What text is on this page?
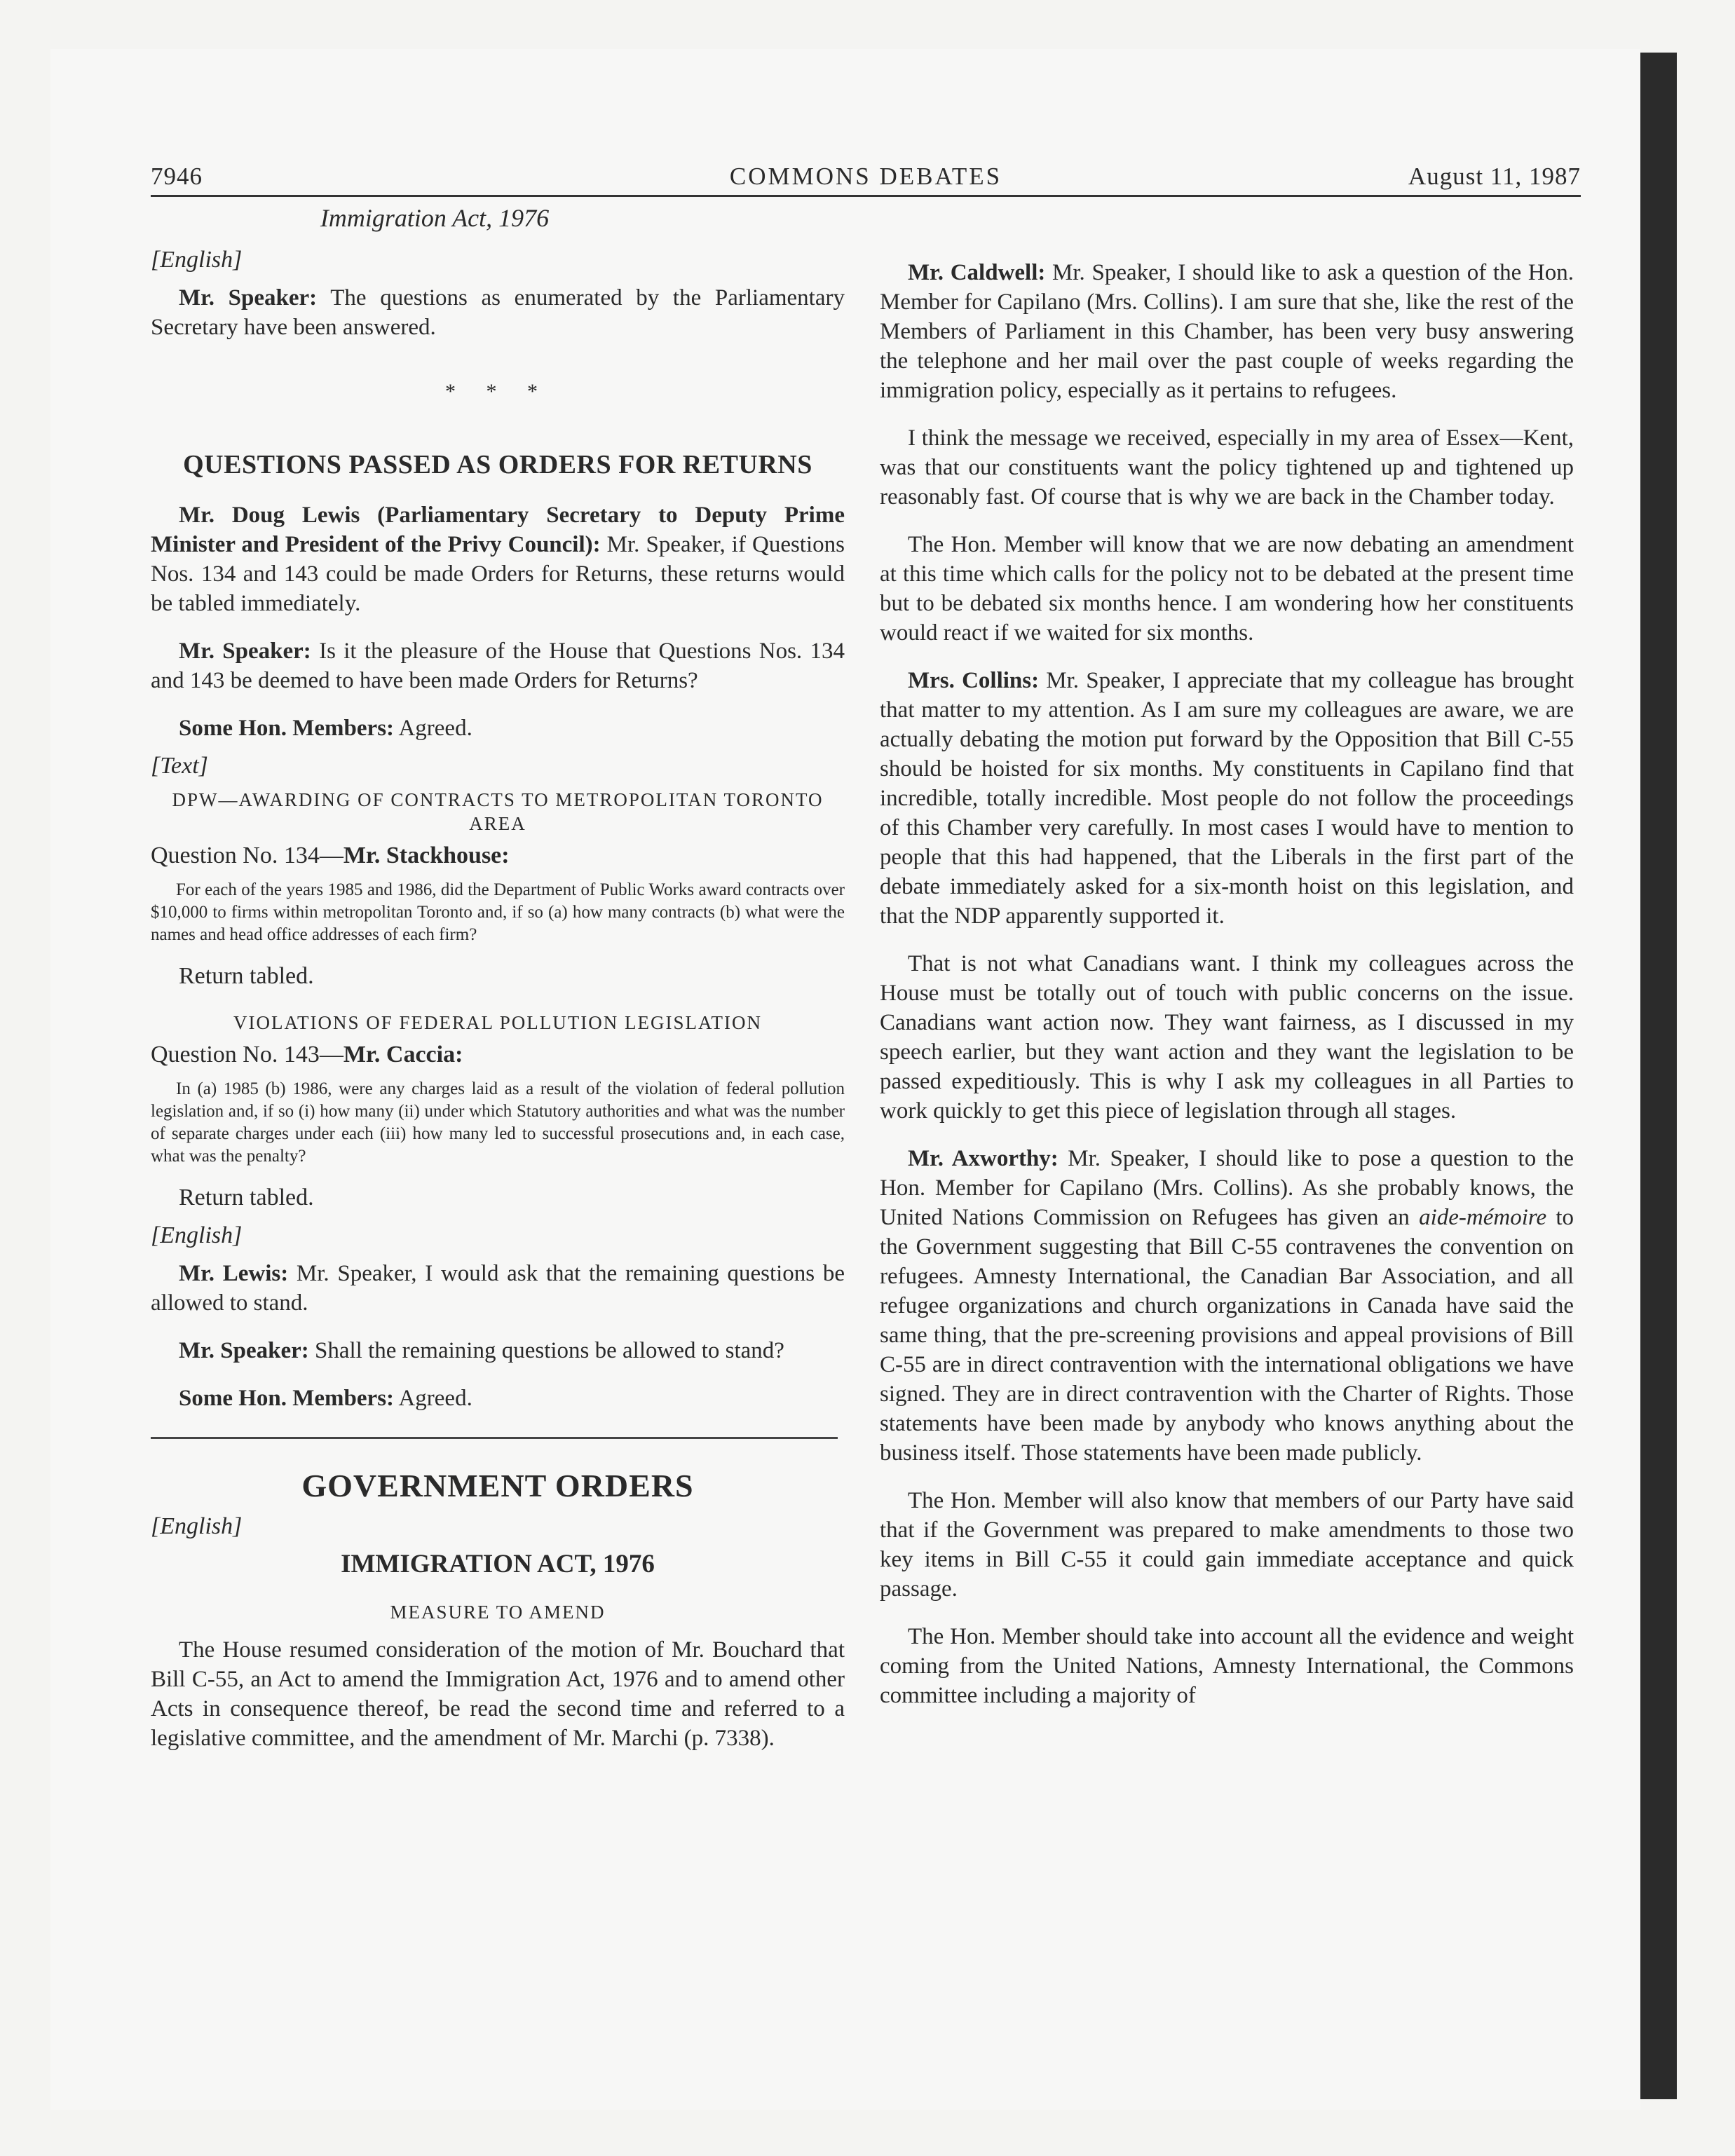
7946	COMMONS DEBATES	August 11, 1987

Immigration Act, 1976

[English]

Mr. Speaker: The questions as enumerated by the Parliamentary Secretary have been answered.

* * *

QUESTIONS PASSED AS ORDERS FOR RETURNS

Mr. Doug Lewis (Parliamentary Secretary to Deputy Prime Minister and President of the Privy Council): Mr. Speaker, if Questions Nos. 134 and 143 could be made Orders for Returns, these returns would be tabled immediately.

Mr. Speaker: Is it the pleasure of the House that Questions Nos. 134 and 143 be deemed to have been made Orders for Returns?

Some Hon. Members: Agreed.

[Text]

DPW—AWARDING OF CONTRACTS TO METROPOLITAN TORONTO AREA

Question No. 134—Mr. Stackhouse:

For each of the years 1985 and 1986, did the Department of Public Works award contracts over $10,000 to firms within metropolitan Toronto and, if so (a) how many contracts (b) what were the names and head office addresses of each firm?

Return tabled.

VIOLATIONS OF FEDERAL POLLUTION LEGISLATION

Question No. 143—Mr. Caccia:

In (a) 1985 (b) 1986, were any charges laid as a result of the violation of federal pollution legislation and, if so (i) how many (ii) under which Statutory authorities and what was the number of separate charges under each (iii) how many led to successful prosecutions and, in each case, what was the penalty?

Return tabled.

[English]

Mr. Lewis: Mr. Speaker, I would ask that the remaining questions be allowed to stand.

Mr. Speaker: Shall the remaining questions be allowed to stand?

Some Hon. Members: Agreed.

GOVERNMENT ORDERS

[English]

IMMIGRATION ACT, 1976

MEASURE TO AMEND

The House resumed consideration of the motion of Mr. Bouchard that Bill C-55, an Act to amend the Immigration Act, 1976 and to amend other Acts in consequence thereof, be read the second time and referred to a legislative committee, and the amendment of Mr. Marchi (p. 7338).

Mr. Caldwell: Mr. Speaker, I should like to ask a question of the Hon. Member for Capilano (Mrs. Collins). I am sure that she, like the rest of the Members of Parliament in this Chamber, has been very busy answering the telephone and her mail over the past couple of weeks regarding the immigration policy, especially as it pertains to refugees.

I think the message we received, especially in my area of Essex—Kent, was that our constituents want the policy tightened up and tightened up reasonably fast. Of course that is why we are back in the Chamber today.

The Hon. Member will know that we are now debating an amendment at this time which calls for the policy not to be debated at the present time but to be debated six months hence. I am wondering how her constituents would react if we waited for six months.

Mrs. Collins: Mr. Speaker, I appreciate that my colleague has brought that matter to my attention. As I am sure my colleagues are aware, we are actually debating the motion put forward by the Opposition that Bill C-55 should be hoisted for six months. My constituents in Capilano find that incredible, totally incredible. Most people do not follow the proceedings of this Chamber very carefully. In most cases I would have to mention to people that this had happened, that the Liberals in the first part of the debate immediately asked for a six-month hoist on this legislation, and that the NDP apparently supported it.

That is not what Canadians want. I think my colleagues across the House must be totally out of touch with public concerns on the issue. Canadians want action now. They want fairness, as I discussed in my speech earlier, but they want action and they want the legislation to be passed expeditiously. This is why I ask my colleagues in all Parties to work quickly to get this piece of legislation through all stages.

Mr. Axworthy: Mr. Speaker, I should like to pose a question to the Hon. Member for Capilano (Mrs. Collins). As she probably knows, the United Nations Commission on Refugees has given an aide-mémoire to the Government suggesting that Bill C-55 contravenes the convention on refugees. Amnesty International, the Canadian Bar Association, and all refugee organizations and church organizations in Canada have said the same thing, that the pre-screening provisions and appeal provisions of Bill C-55 are in direct contravention with the international obligations we have signed. They are in direct contravention with the Charter of Rights. Those statements have been made by anybody who knows anything about the business itself. Those statements have been made publicly.

The Hon. Member will also know that members of our Party have said that if the Government was prepared to make amendments to those two key items in Bill C-55 it could gain immediate acceptance and quick passage.

The Hon. Member should take into account all the evidence and weight coming from the United Nations, Amnesty International, the Commons committee including a majority of
